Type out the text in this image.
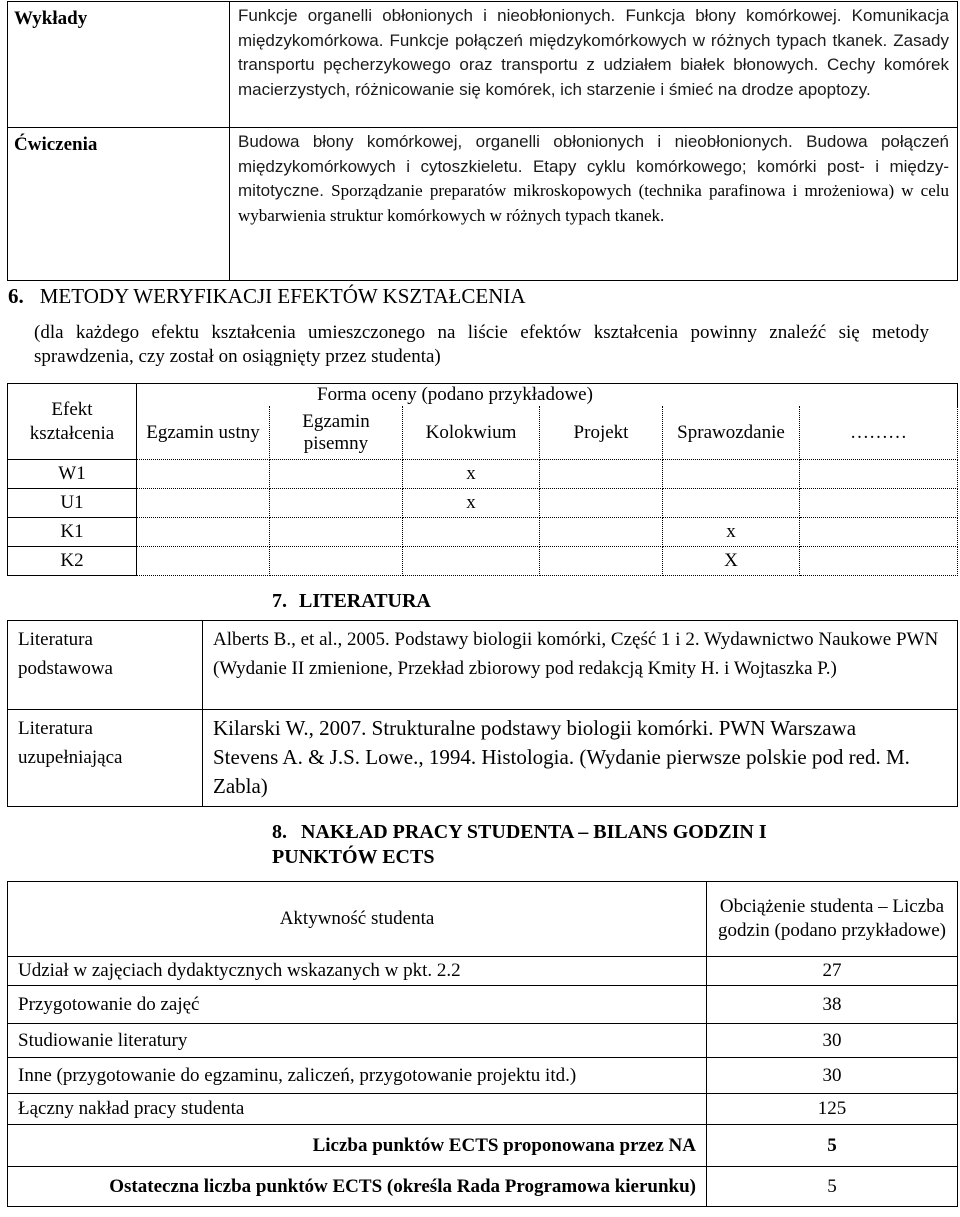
Wykłady	Funkcje organelli obłonionych i nieobłonionych. Funkcja błony komórkowej. Komunikacja międzykomórkowa. Funkcje połączeń międzykomórkowych w różnych typach tkanek. Zasady transportu pęcherzykowego oraz transportu z udziałem białek błonowych. Cechy komórek macierzystych, różnicowanie się komórek, ich starzenie i śmieć na drodze apoptozy.
Ćwiczenia	Budowa błony komórkowej, organelli obłonionych i nieobłonionych. Budowa połączeń międzykomórkowych i cytoszkieletu. Etapy cyklu komórkowego; komórki post- i między-mitotyczne. Sporządzanie preparatów mikroskopowych (technika parafinowa i mrożeniowa) w celu wybarwienia struktur komórkowych w różnych typach tkanek.
6. METODY WERYFIKACJI EFEKTÓW KSZTAŁCENIA
(dla każdego efektu kształcenia umieszczonego na liście efektów kształcenia powinny znaleźć się metody sprawdzenia, czy został on osiągnięty przez studenta)
Efekt kształcenia	Forma oceny (podano przykładowe)					
	Egzamin ustny	Egzamin pisemny	Kolokwium	Projekt	Sprawozdanie	………
W1			x			
U1			x			
K1					x	
K2					X	
7. LITERATURA
Literatura podstawowa	Alberts B., et al., 2005. Podstawy biologii komórki, Część 1 i 2. Wydawnictwo Naukowe PWN (Wydanie II zmienione, Przekład zbiorowy pod redakcją Kmity H. i Wojtaszka P.)
Literatura uzupełniająca	Kilarski W., 2007. Strukturalne podstawy biologii komórki. PWN Warszawa
Stevens A. & J.S. Lowe., 1994. Histologia. (Wydanie pierwsze polskie pod red. M. Zabla)
8. NAKŁAD PRACY STUDENTA – BILANS GODZIN I PUNKTÓW ECTS
Aktywność studenta	Obciążenie studenta – Liczba godzin (podano przykładowe)
Udział w zajęciach dydaktycznych wskazanych w pkt. 2.2	27
Przygotowanie do zajęć	38
Studiowanie literatury	30
Inne (przygotowanie do egzaminu, zaliczeń, przygotowanie projektu itd.)	30
Łączny nakład pracy studenta	125
Liczba punktów ECTS proponowana przez NA	5
Ostateczna liczba punktów ECTS (określa Rada Programowa kierunku)	5
